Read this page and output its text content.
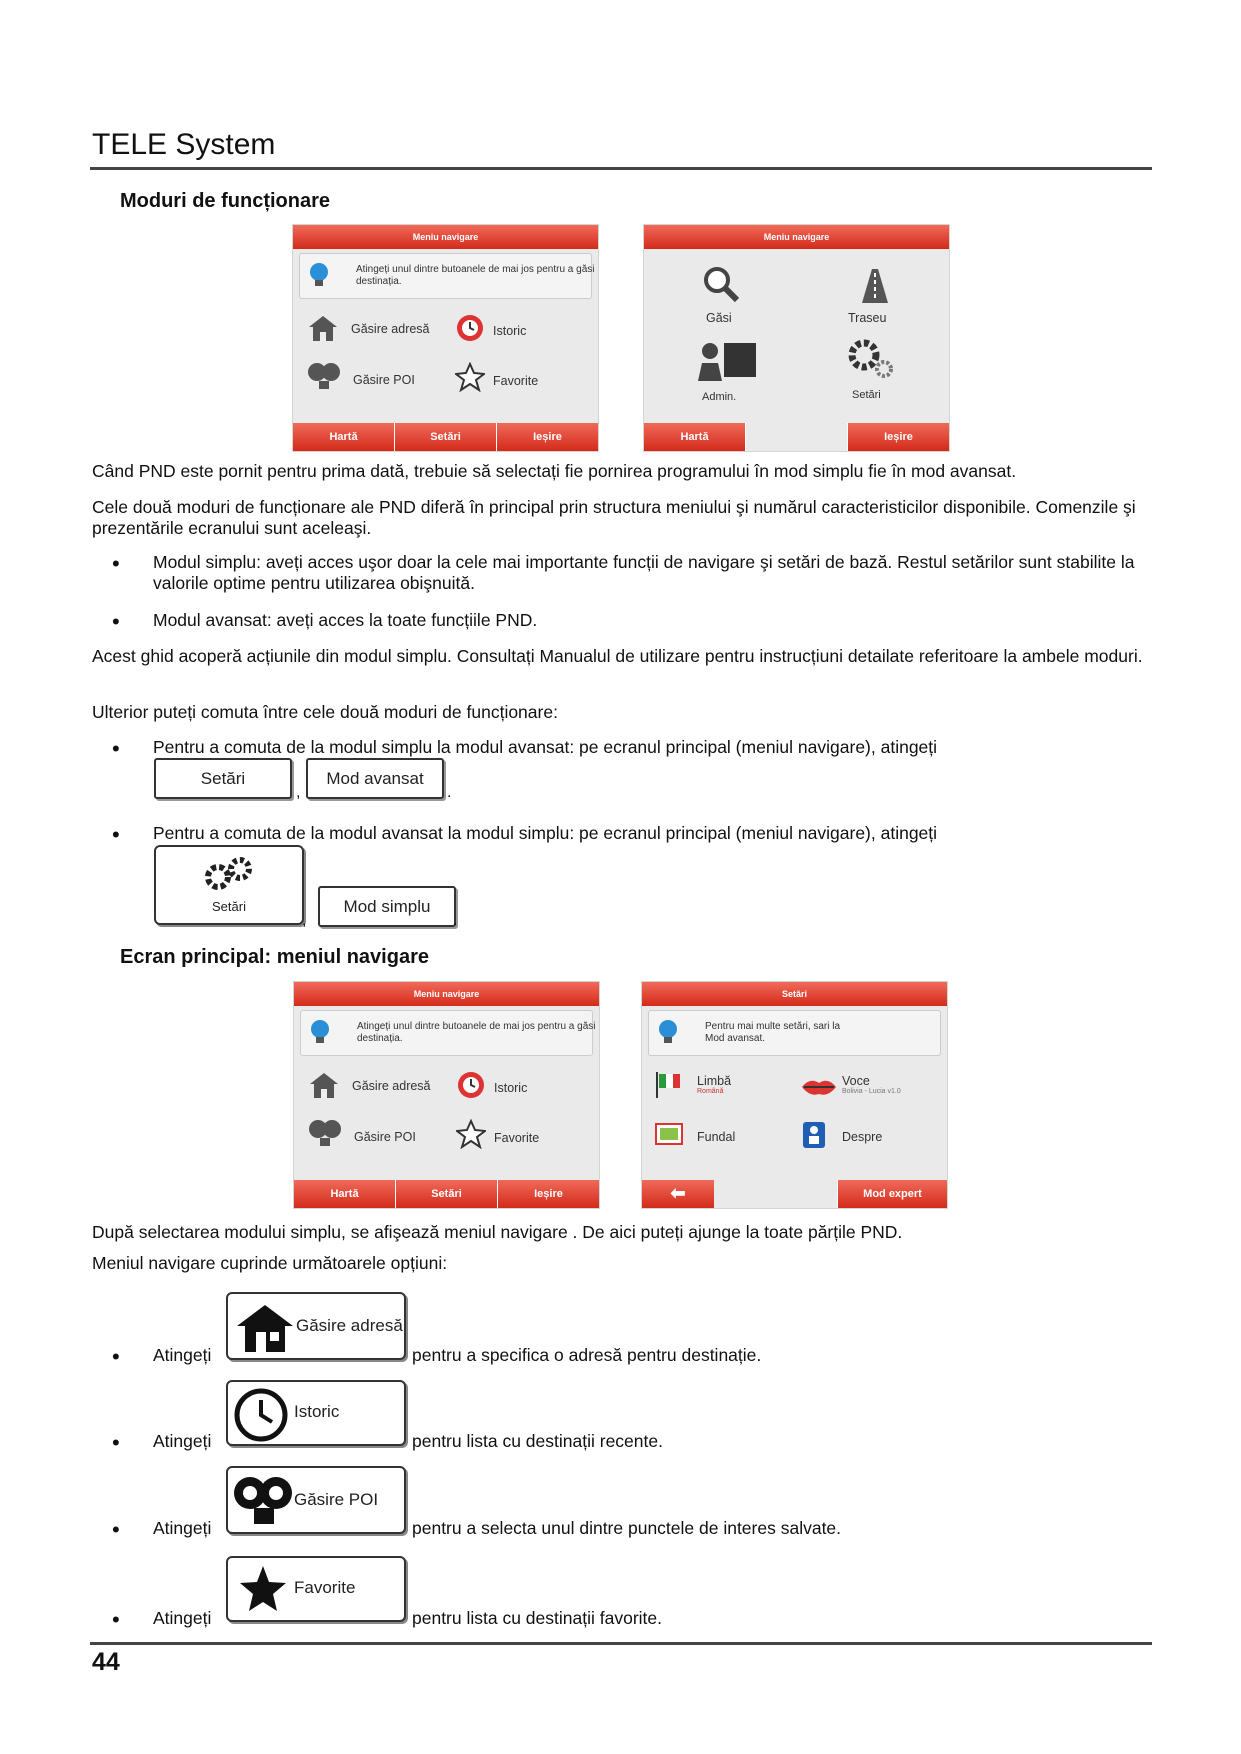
TELE System
Moduri de funcționare
Meniu navigare
Atingeți unul dintre butoanele de mai jos pentru a găsi destinația.
Găsire adresă	Istoric
Găsire POI	Favorite
Hartă	Setări	Ieșire
Meniu navigare
Găsi	Traseu
Admin.	Setări
Hartă	Ieșire
Când PND este pornit pentru prima dată, trebuie să selectați fie pornirea programului în mod simplu fie în mod avansat.
Cele două moduri de funcționare ale PND diferă în principal prin structura meniului şi numărul caracteristicilor disponibile. Comenzile şi prezentările ecranului sunt aceleaşi.
• Modul simplu: aveți acces uşor doar la cele mai importante funcții de navigare şi setări de bază. Restul setărilor sunt stabilite la valorile optime pentru utilizarea obişnuită.
• Modul avansat: aveți acces la toate funcțiile PND.
Acest ghid acoperă acțiunile din modul simplu. Consultați Manualul de utilizare pentru instrucțiuni detailate referitoare la ambele moduri.
Ulterior puteți comuta între cele două moduri de funcționare:
• Pentru a comuta de la modul simplu la modul avansat: pe ecranul principal (meniul navigare), atingeți
Setări
,
Mod avansat
.
• Pentru a comuta de la modul avansat la modul simplu: pe ecranul principal (meniul navigare), atingeți
Setări
,
Mod simplu
.
Ecran principal: meniul navigare
Meniu navigare
Atingeți unul dintre butoanele de mai jos pentru a găsi destinația.
Găsire adresă	Istoric
Găsire POI	Favorite
Hartă	Setări	Ieșire
Setări
Pentru mai multe setări, sari la Mod avansat.
Limbă
Română
Voce
Bolivia - Lucia v1.0
Fundal	Despre
⬅	Mod expert
După selectarea modului simplu, se afişează meniul navigare . De aici puteți ajunge la toate părțile PND.
Meniul navigare cuprinde următoarele opțiuni:
• Atingeți
Găsire adresă
pentru a specifica o adresă pentru destinație.
• Atingeți
Istoric
pentru lista cu destinații recente.
• Atingeți
Găsire POI
pentru a selecta unul dintre punctele de interes salvate.
• Atingeți
Favorite
pentru lista cu destinații favorite.
44
